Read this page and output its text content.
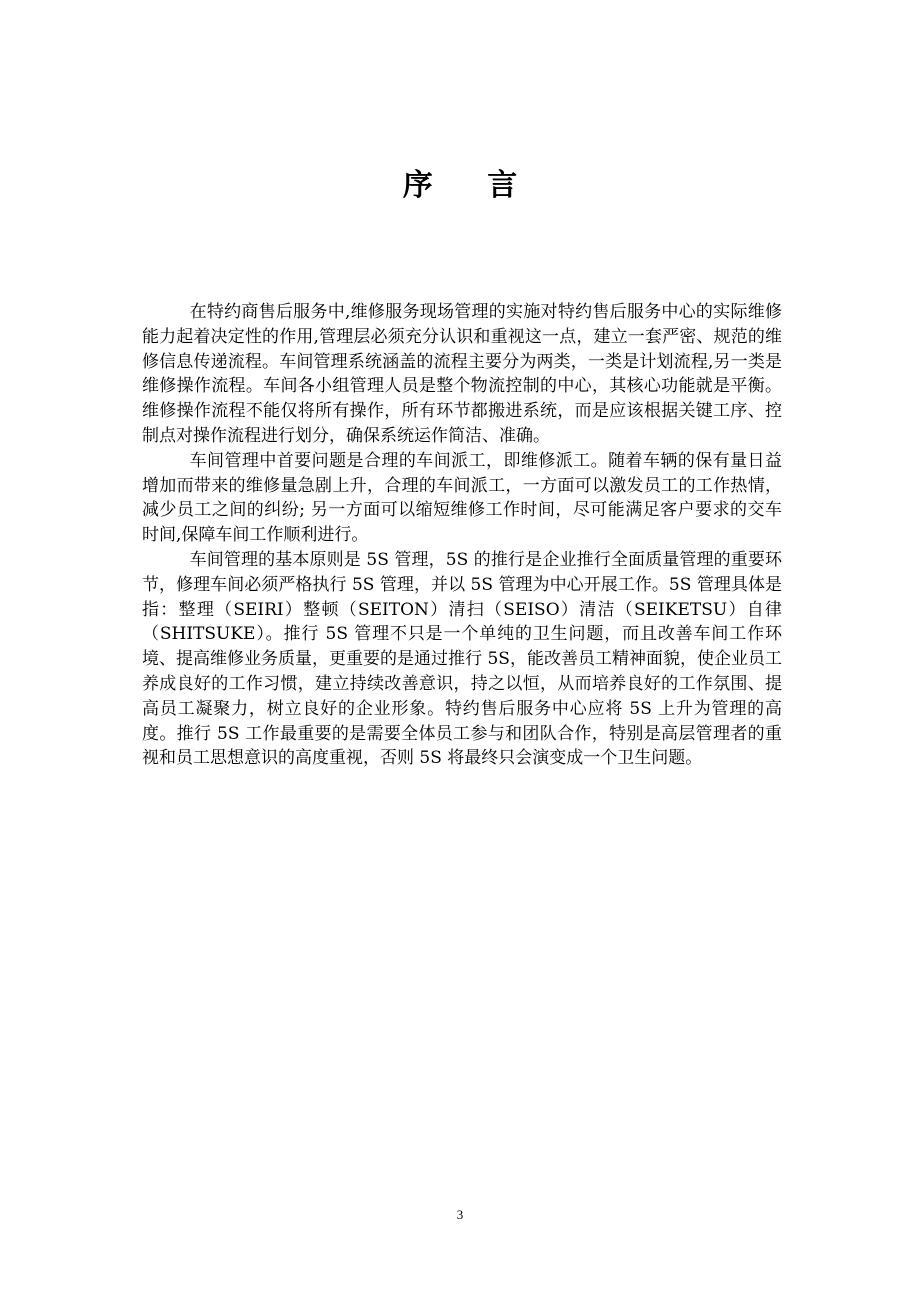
序 言

在特约商售后服务中,维修服务现场管理的实施对特约售后服务中心的实际维修能力起着决定性的作用,管理层必须充分认识和重视这一点，建立一套严密、规范的维修信息传递流程。车间管理系统涵盖的流程主要分为两类，一类是计划流程,另一类是维修操作流程。车间各小组管理人员是整个物流控制的中心，其核心功能就是平衡。维修操作流程不能仅将所有操作，所有环节都搬进系统，而是应该根据关键工序、控制点对操作流程进行划分，确保系统运作简洁、准确。

车间管理中首要问题是合理的车间派工，即维修派工。随着车辆的保有量日益增加而带来的维修量急剧上升，合理的车间派工，一方面可以激发员工的工作热情，减少员工之间的纠纷; 另一方面可以缩短维修工作时间，尽可能满足客户要求的交车时间,保障车间工作顺利进行。

车间管理的基本原则是 5S 管理，5S 的推行是企业推行全面质量管理的重要环节，修理车间必须严格执行 5S 管理，并以 5S 管理为中心开展工作。5S 管理具体是指：整理（SEIRI）整顿（SEITON）清扫（SEISO）清洁（SEIKETSU）自律（SHITSUKE）。推行 5S 管理不只是一个单纯的卫生问题，而且改善车间工作环境、提高维修业务质量，更重要的是通过推行 5S，能改善员工精神面貌，使企业员工养成良好的工作习惯，建立持续改善意识，持之以恒，从而培养良好的工作氛围、提高员工凝聚力，树立良好的企业形象。特约售后服务中心应将 5S 上升为管理的高度。推行 5S 工作最重要的是需要全体员工参与和团队合作，特别是高层管理者的重视和员工思想意识的高度重视，否则 5S 将最终只会演变成一个卫生问题。

3
